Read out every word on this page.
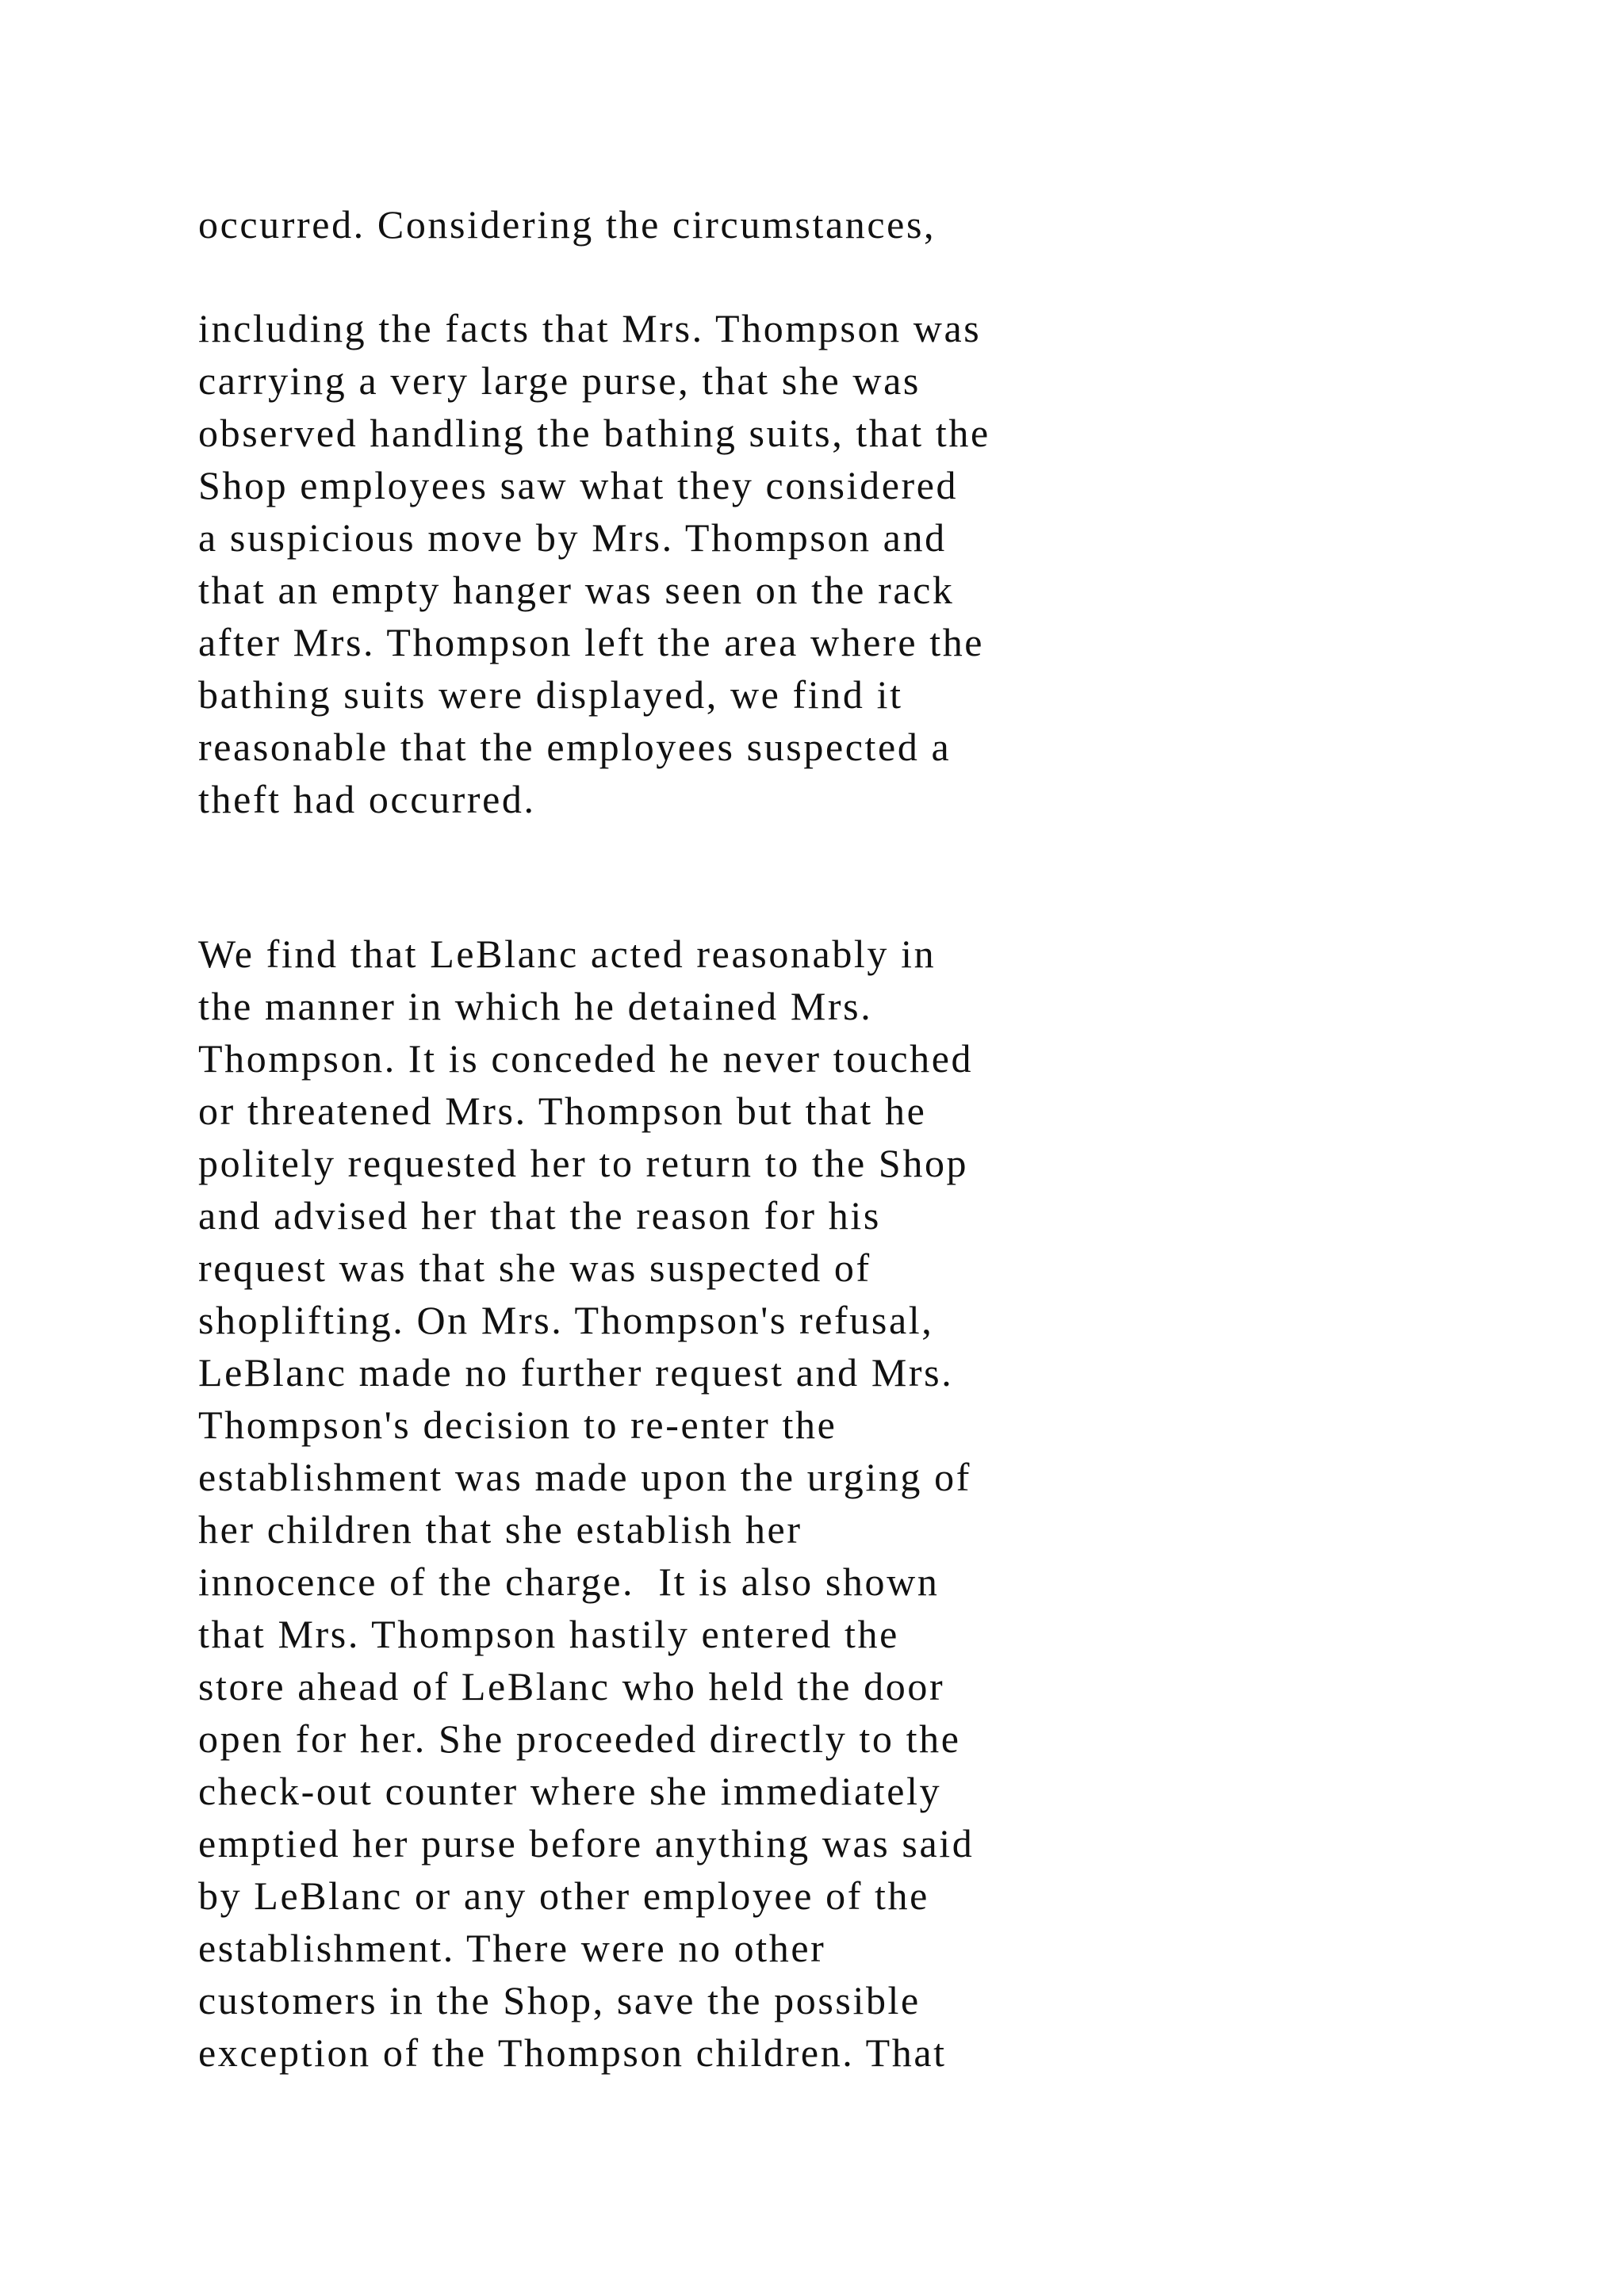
occurred. Considering the circumstances,

including the facts that Mrs. Thompson was

carrying a very large purse, that she was

observed handling the bathing suits, that the

Shop employees saw what they considered

a suspicious move by Mrs. Thompson and

that an empty hanger was seen on the rack

after Mrs. Thompson left the area where the

bathing suits were displayed, we find it

reasonable that the employees suspected a

theft had occurred.

We find that LeBlanc acted reasonably in

the manner in which he detained Mrs.

Thompson. It is conceded he never touched

or threatened Mrs. Thompson but that he

politely requested her to return to the Shop

and advised her that the reason for his

request was that she was suspected of

shoplifting. On Mrs. Thompson's refusal,

LeBlanc made no further request and Mrs.

Thompson's decision to re-enter the

establishment was made upon the urging of

her children that she establish her

innocence of the charge.  It is also shown

that Mrs. Thompson hastily entered the

store ahead of LeBlanc who held the door

open for her. She proceeded directly to the

check-out counter where she immediately

emptied her purse before anything was said

by LeBlanc or any other employee of the

establishment. There were no other

customers in the Shop, save the possible

exception of the Thompson children. That
